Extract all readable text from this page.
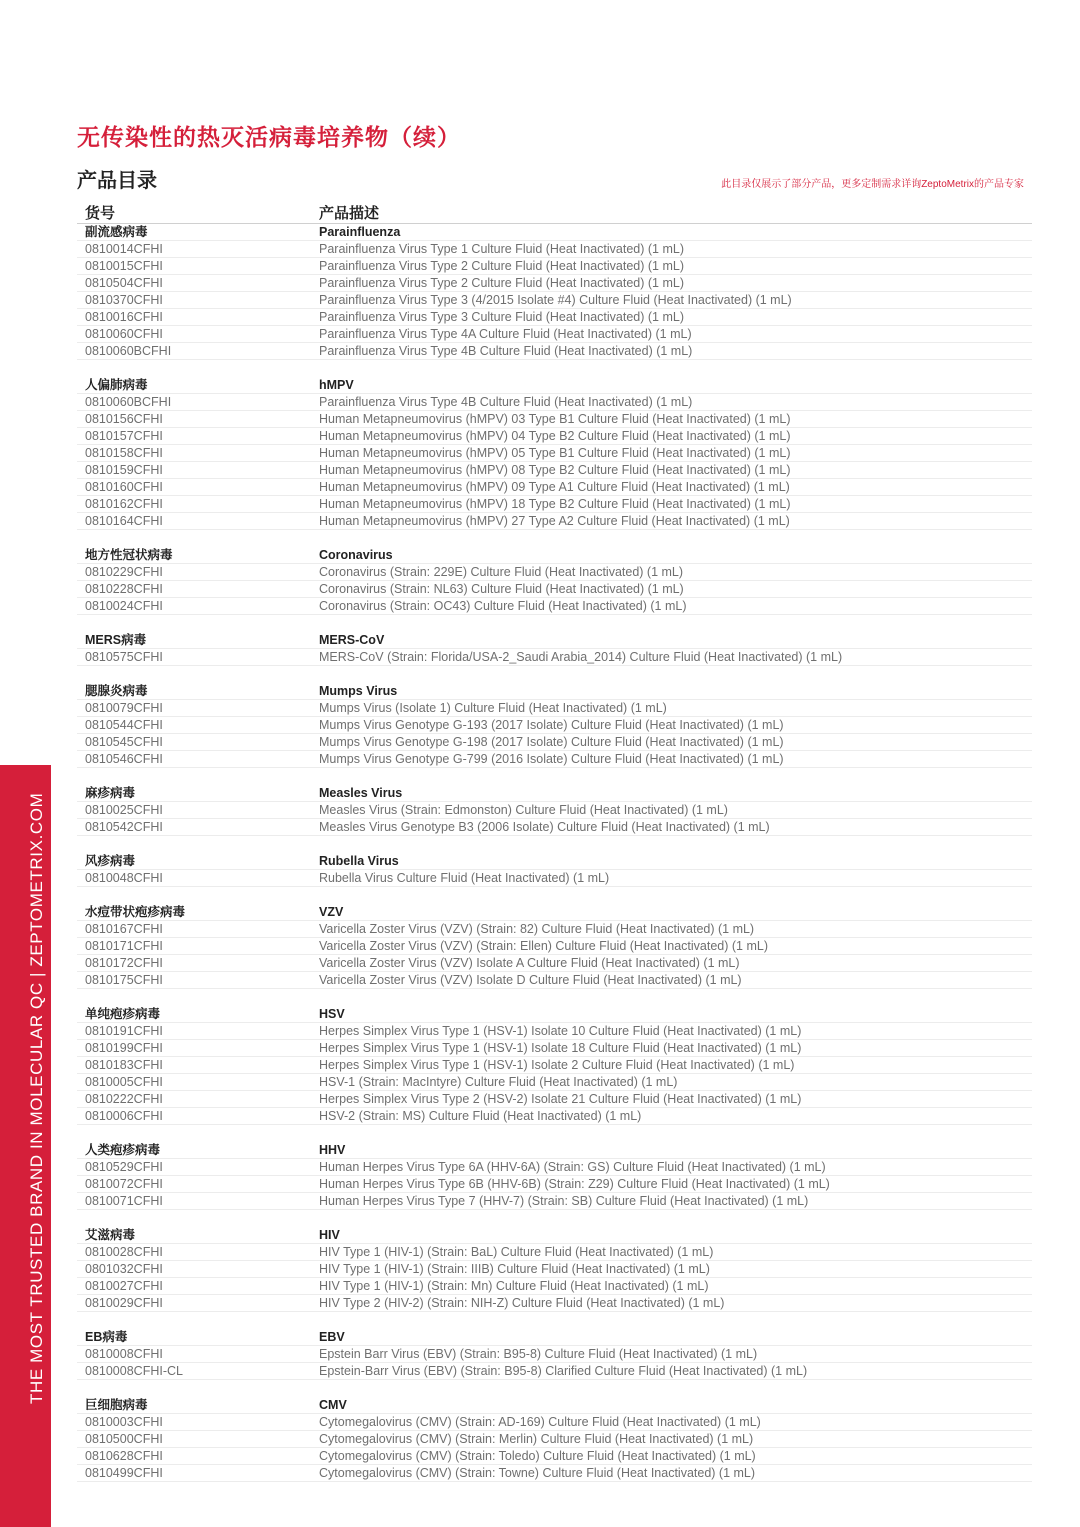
无传染性的热灭活病毒培养物（续）
产品目录	此目录仅展示了部分产品，更多定制需求详询ZeptoMetrix的产品专家
货号	产品描述
副流感病毒	Parainfluenza
0810014CFHI	Parainfluenza Virus Type 1 Culture Fluid (Heat Inactivated) (1 mL)
0810015CFHI	Parainfluenza Virus Type 2 Culture Fluid (Heat Inactivated) (1 mL)
0810504CFHI	Parainfluenza Virus Type 2 Culture Fluid (Heat Inactivated) (1 mL)
0810370CFHI	Parainfluenza Virus Type 3 (4/2015 Isolate #4) Culture Fluid (Heat Inactivated) (1 mL)
0810016CFHI	Parainfluenza Virus Type 3 Culture Fluid (Heat Inactivated) (1 mL)
0810060CFHI	Parainfluenza Virus Type 4A Culture Fluid (Heat Inactivated) (1 mL)
0810060BCFHI	Parainfluenza Virus Type 4B Culture Fluid (Heat Inactivated) (1 mL)
人偏肺病毒	hMPV
0810060BCFHI	Parainfluenza Virus Type 4B Culture Fluid (Heat Inactivated) (1 mL)
0810156CFHI	Human Metapneumovirus (hMPV) 03 Type B1 Culture Fluid (Heat Inactivated) (1 mL)
0810157CFHI	Human Metapneumovirus (hMPV) 04 Type B2 Culture Fluid (Heat Inactivated) (1 mL)
0810158CFHI	Human Metapneumovirus (hMPV) 05 Type B1 Culture Fluid (Heat Inactivated) (1 mL)
0810159CFHI	Human Metapneumovirus (hMPV) 08 Type B2 Culture Fluid (Heat Inactivated) (1 mL)
0810160CFHI	Human Metapneumovirus (hMPV) 09 Type A1 Culture Fluid (Heat Inactivated) (1 mL)
0810162CFHI	Human Metapneumovirus (hMPV) 18 Type B2 Culture Fluid (Heat Inactivated) (1 mL)
0810164CFHI	Human Metapneumovirus (hMPV) 27 Type A2 Culture Fluid (Heat Inactivated) (1 mL)
地方性冠状病毒	Coronavirus
0810229CFHI	Coronavirus (Strain: 229E) Culture Fluid (Heat Inactivated) (1 mL)
0810228CFHI	Coronavirus (Strain: NL63) Culture Fluid (Heat Inactivated) (1 mL)
0810024CFHI	Coronavirus (Strain: OC43) Culture Fluid (Heat Inactivated) (1 mL)
MERS病毒	MERS-CoV
0810575CFHI	MERS-CoV (Strain: Florida/USA-2_Saudi Arabia_2014) Culture Fluid (Heat Inactivated) (1 mL)
腮腺炎病毒	Mumps Virus
0810079CFHI	Mumps Virus (Isolate 1) Culture Fluid (Heat Inactivated) (1 mL)
0810544CFHI	Mumps Virus Genotype G-193 (2017 Isolate) Culture Fluid (Heat Inactivated) (1 mL)
0810545CFHI	Mumps Virus Genotype G-198 (2017 Isolate) Culture Fluid (Heat Inactivated) (1 mL)
0810546CFHI	Mumps Virus Genotype G-799 (2016 Isolate) Culture Fluid (Heat Inactivated) (1 mL)
麻疹病毒	Measles Virus
0810025CFHI	Measles Virus (Strain: Edmonston) Culture Fluid (Heat Inactivated) (1 mL)
0810542CFHI	Measles Virus Genotype B3 (2006 Isolate) Culture Fluid (Heat Inactivated) (1 mL)
风疹病毒	Rubella Virus
0810048CFHI	Rubella Virus Culture Fluid (Heat Inactivated) (1 mL)
水痘带状疱疹病毒	VZV
0810167CFHI	Varicella Zoster Virus (VZV) (Strain: 82) Culture Fluid (Heat Inactivated) (1 mL)
0810171CFHI	Varicella Zoster Virus (VZV) (Strain: Ellen) Culture Fluid (Heat Inactivated) (1 mL)
0810172CFHI	Varicella Zoster Virus (VZV) Isolate A Culture Fluid (Heat Inactivated) (1 mL)
0810175CFHI	Varicella Zoster Virus (VZV) Isolate D Culture Fluid (Heat Inactivated) (1 mL)
单纯疱疹病毒	HSV
0810191CFHI	Herpes Simplex Virus Type 1 (HSV-1) Isolate 10 Culture Fluid (Heat Inactivated) (1 mL)
0810199CFHI	Herpes Simplex Virus Type 1 (HSV-1) Isolate 18 Culture Fluid (Heat Inactivated) (1 mL)
0810183CFHI	Herpes Simplex Virus Type 1 (HSV-1) Isolate 2 Culture Fluid (Heat Inactivated) (1 mL)
0810005CFHI	HSV-1 (Strain: MacIntyre) Culture Fluid (Heat Inactivated) (1 mL)
0810222CFHI	Herpes Simplex Virus Type 2 (HSV-2) Isolate 21 Culture Fluid (Heat Inactivated) (1 mL)
0810006CFHI	HSV-2 (Strain: MS) Culture Fluid (Heat Inactivated) (1 mL)
人类疱疹病毒	HHV
0810529CFHI	Human Herpes Virus Type 6A (HHV-6A) (Strain: GS) Culture Fluid (Heat Inactivated) (1 mL)
0810072CFHI	Human Herpes Virus Type 6B (HHV-6B) (Strain: Z29) Culture Fluid (Heat Inactivated) (1 mL)
0810071CFHI	Human Herpes Virus Type 7 (HHV-7) (Strain: SB) Culture Fluid (Heat Inactivated) (1 mL)
艾滋病毒	HIV
0810028CFHI	HIV Type 1 (HIV-1) (Strain: BaL) Culture Fluid (Heat Inactivated) (1 mL)
0801032CFHI	HIV Type 1 (HIV-1) (Strain: IIIB) Culture Fluid (Heat Inactivated) (1 mL)
0810027CFHI	HIV Type 1 (HIV-1) (Strain: Mn) Culture Fluid (Heat Inactivated) (1 mL)
0810029CFHI	HIV Type 2 (HIV-2) (Strain: NIH-Z) Culture Fluid (Heat Inactivated) (1 mL)
EB病毒	EBV
0810008CFHI	Epstein Barr Virus (EBV) (Strain: B95-8) Culture Fluid (Heat Inactivated) (1 mL)
0810008CFHI-CL	Epstein-Barr Virus (EBV) (Strain: B95-8) Clarified Culture Fluid (Heat Inactivated) (1 mL)
巨细胞病毒	CMV
0810003CFHI	Cytomegalovirus (CMV) (Strain: AD-169) Culture Fluid (Heat Inactivated) (1 mL)
0810500CFHI	Cytomegalovirus (CMV) (Strain: Merlin) Culture Fluid (Heat Inactivated) (1 mL)
0810628CFHI	Cytomegalovirus (CMV) (Strain: Toledo) Culture Fluid (Heat Inactivated) (1 mL)
0810499CFHI	Cytomegalovirus (CMV) (Strain: Towne) Culture Fluid (Heat Inactivated) (1 mL)
THE MOST TRUSTED BRAND IN MOLECULAR QC | ZEPTOMETRIX.COM
